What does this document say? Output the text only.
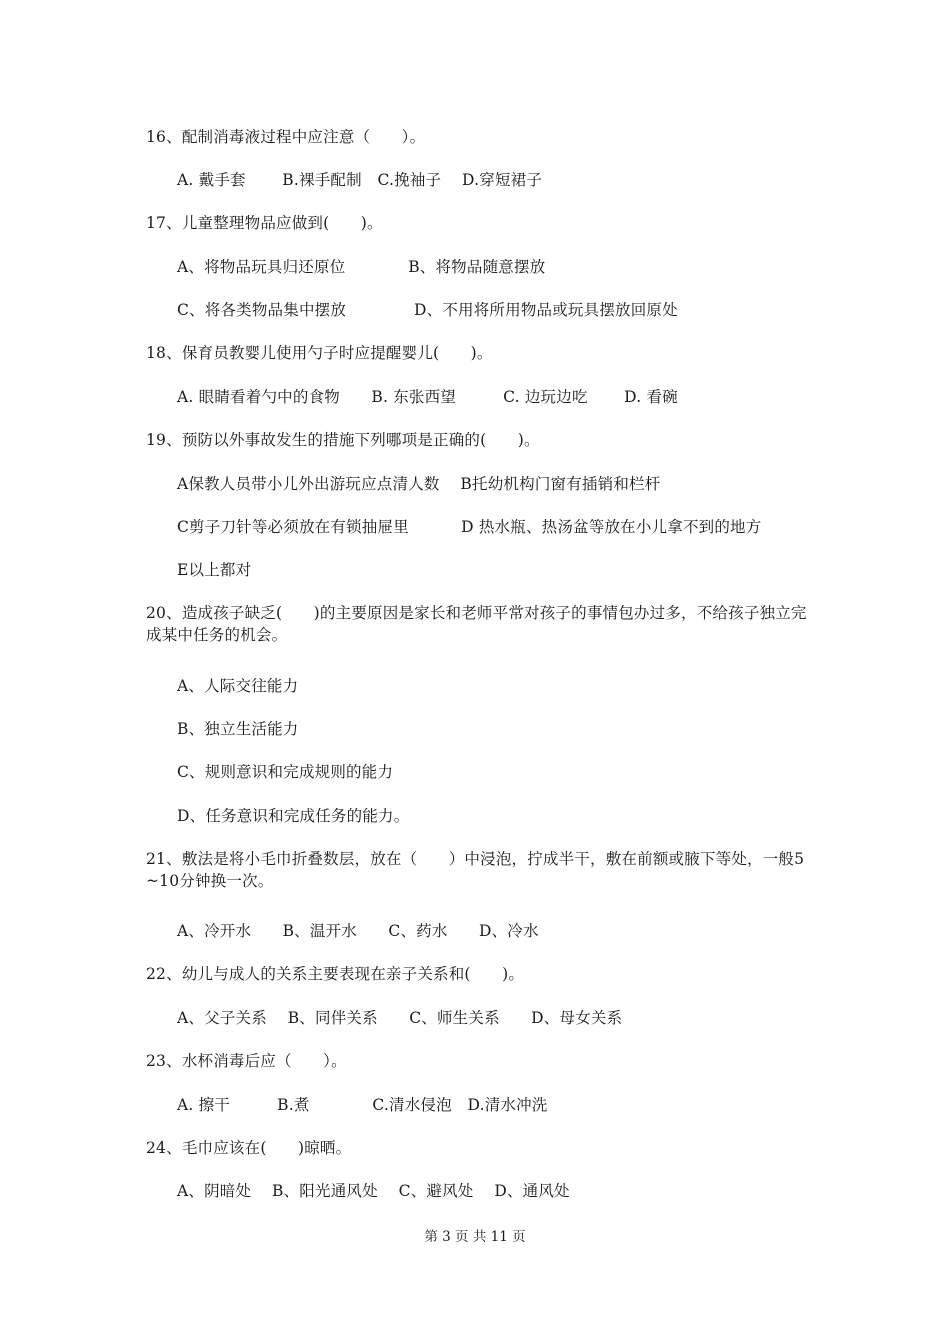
16、配制消毒液过程中应注意（　　）。
A. 戴手套　　 B.裸手配制　C.挽袖子　 D.穿短裙子
17、儿童整理物品应做到(　　)。
A、将物品玩具归还原位　　　　B、将物品随意摆放
C、将各类物品集中摆放　　　　 D、不用将所用物品或玩具摆放回原处
18、保育员教婴儿使用勺子时应提醒婴儿(　　)。
A. 眼睛看着勺中的食物　　B. 东张西望　　　C. 边玩边吃　　 D. 看碗
19、预防以外事故发生的措施下列哪项是正确的(　　)。
A保教人员带小儿外出游玩应点清人数　 B托幼机构门窗有插销和栏杆
C剪子刀针等必须放在有锁抽屉里　　　 D 热水瓶、热汤盆等放在小儿拿不到的地方
E以上都对
20、造成孩子缺乏(　　)的主要原因是家长和老师平常对孩子的事情包办过多，不给孩子独立完成某中任务的机会。
A、人际交往能力
B、独立生活能力
C、规则意识和完成规则的能力
D、任务意识和完成任务的能力。
21、敷法是将小毛巾折叠数层，放在（　　）中浸泡，拧成半干，敷在前额或腋下等处，一般5~10分钟换一次。
A、冷开水　　B、温开水　　C、药水　　D、冷水
22、幼儿与成人的关系主要表现在亲子关系和(　　)。
A、父子关系　 B、同伴关系　　C、师生关系　　D、母女关系
23、水杯消毒后应（　　）。
A. 擦干　　　B.煮　　　　C.清水侵泡　D.清水冲洗
24、毛巾应该在(　　)晾晒。
A、阴暗处　 B、阳光通风处　 C、避风处　 D、通风处
第 3 页 共 11 页
